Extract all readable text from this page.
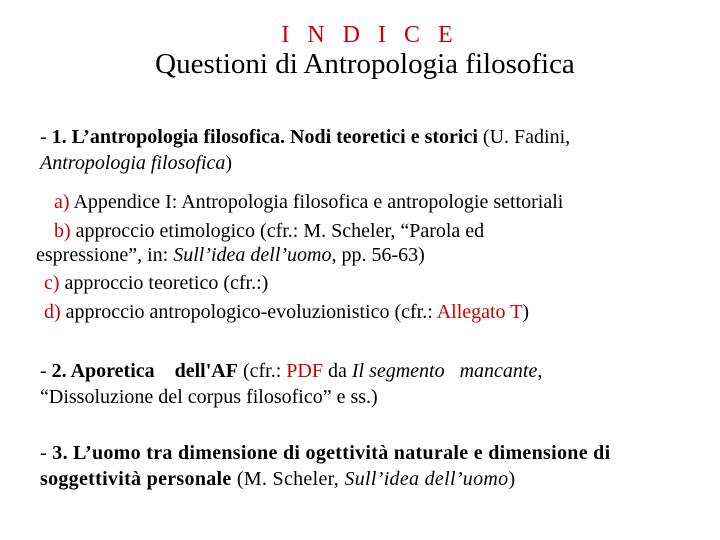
I N D I C E
Questioni di Antropologia filosofica
- 1. L’antropologia filosofica. Nodi teoretici e storici (U. Fadini,
Antropologia filosofica)
a) Appendice I: Antropologia filosofica e antropologie settoriali
b) approccio etimologico (cfr.: M. Scheler, “Parola ed
espressione”, in: Sull’idea dell’uomo, pp. 56-63)
c) approccio teoretico (cfr.:)
d) approccio antropologico-evoluzionistico (cfr.: Allegato T)
- 2. Aporetica    dell'AF (cfr.: PDF da Il segmento   mancante,
“Dissoluzione del corpus filosofico” e ss.)
- 3. L’uomo tra dimensione di ogettività naturale e dimensione di soggettività personale (M. Scheler, Sull’idea dell’uomo)
